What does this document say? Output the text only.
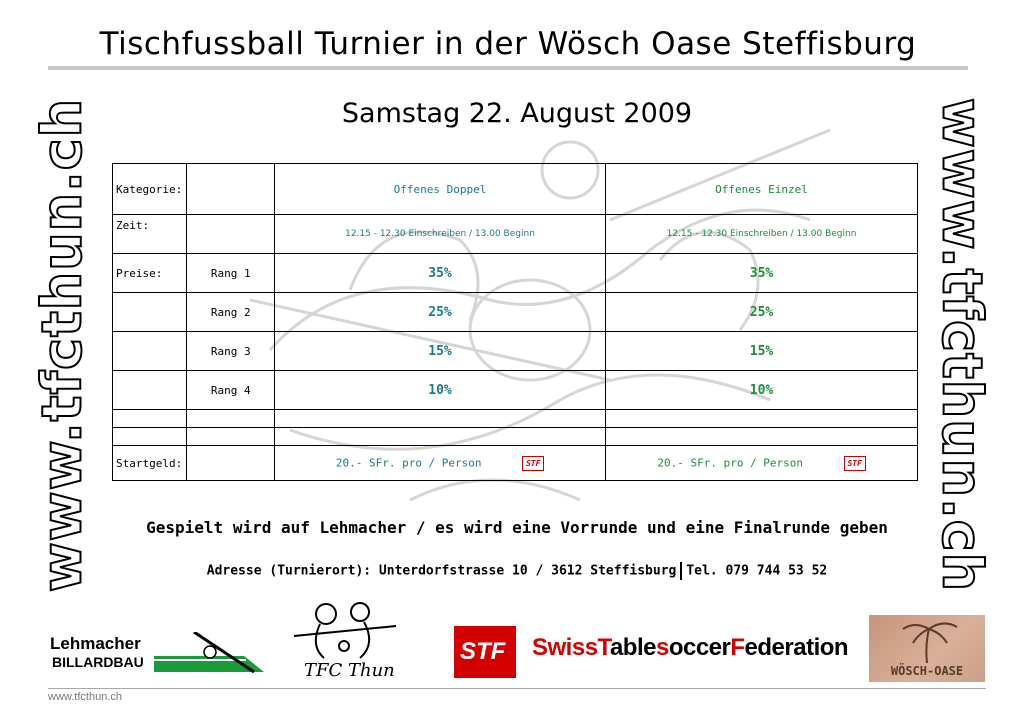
Tischfussball Turnier in der Wösch Oase Steffisburg
Samstag 22. August 2009
www.tfcthun.ch	www.tfcthun.ch
Kategorie:		Offenes Doppel	Offenes Einzel
Zeit:		12.15 - 12.30 Einschreiben / 13.00 Beginn	12.15 - 12.30 Einschreiben / 13.00 Beginn
Preise:	Rang 1	35%	35%
	Rang 2	25%	25%
	Rang 3	15%	15%
	Rang 4	10%	10%

Startgeld:		20.- SFr. pro / Person STF	20.- SFr. pro / Person STF
Gespielt wird auf Lehmacher / es wird eine Vorrunde und eine Finalrunde geben
Adresse (Turnierort): Unterdorfstrasse 10 / 3612 Steffisburg Tel. 079 744 53 52
Lehmacher
BILLARDBAU	TFC Thun
STF SwissTablesoccerFederation
WÖSCH-OASE
www.tfcthun.ch
